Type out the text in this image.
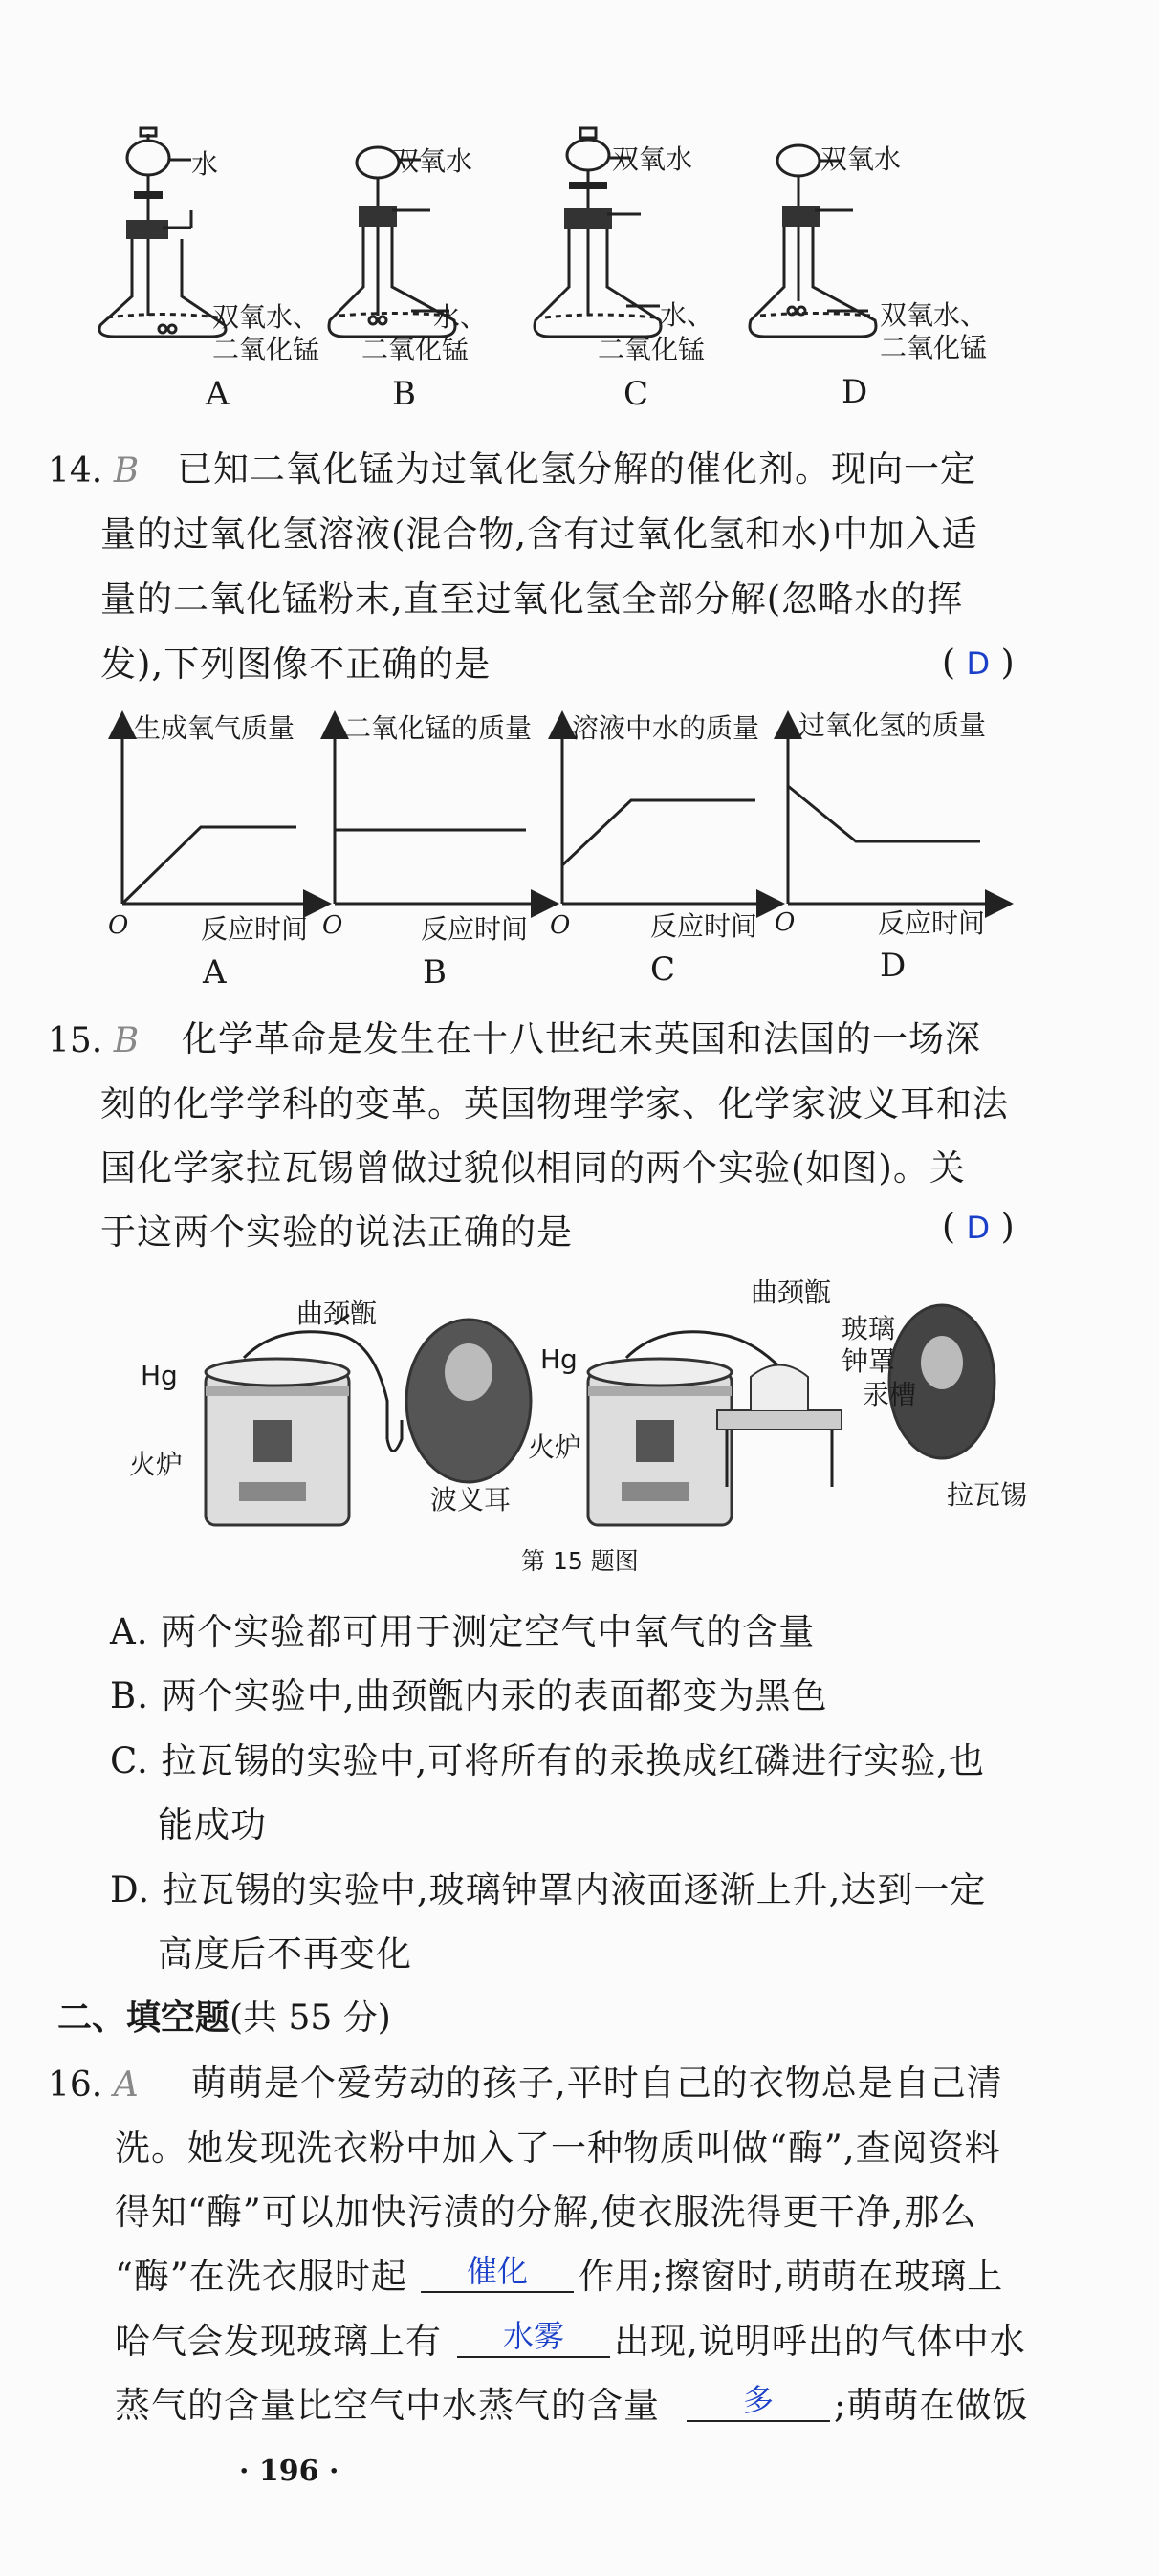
水
双氧水、
二氧化锰
A
双氧水
水、
二氧化锰
B
双氧水
水、
二氧化锰
C
双氧水
双氧水、
二氧化锰
D
14. B 已知二氧化锰为过氧化氢分解的催化剂。现向一定
量的过氧化氢溶液(混合物,含有过氧化氢和水)中加入适
量的二氧化锰粉末,直至过氧化氢全部分解(忽略水的挥
发),下列图像不正确的是	( D )
生成氧气质量 二氧化锰的质量 溶液中水的质量 过氧化氢的质量
O	O	O	O
反应时间	反应时间	反应时间	反应时间
A	B	C	D
15. B 化学革命是发生在十八世纪末英国和法国的一场深
刻的化学学科的变革。英国物理学家、化学家波义耳和法
国化学家拉瓦锡曾做过貌似相同的两个实验(如图)。关
于这两个实验的说法正确的是	( D )
曲颈甑
Hg
火炉
波义耳
曲颈甑
Hg
火炉
玻璃
钟罩
汞槽
拉瓦锡
第 15 题图
A. 两个实验都可用于测定空气中氧气的含量
B. 两个实验中,曲颈甑内汞的表面都变为黑色
C. 拉瓦锡的实验中,可将所有的汞换成红磷进行实验,也
能成功
D. 拉瓦锡的实验中,玻璃钟罩内液面逐渐上升,达到一定
高度后不再变化
二、填空题(共 55 分)
16. A 萌萌是个爱劳动的孩子,平时自己的衣物总是自己清
洗。她发现洗衣粉中加入了一种物质叫做“酶”,查阅资料
得知“酶”可以加快污渍的分解,使衣服洗得更干净,那么
“酶”在洗衣服时起	催化	作用;擦窗时,萌萌在玻璃上
哈气会发现玻璃上有	水雾	出现,说明呼出的气体中水
蒸气的含量比空气中水蒸气的含量	多	;萌萌在做饭
· 196 ·
